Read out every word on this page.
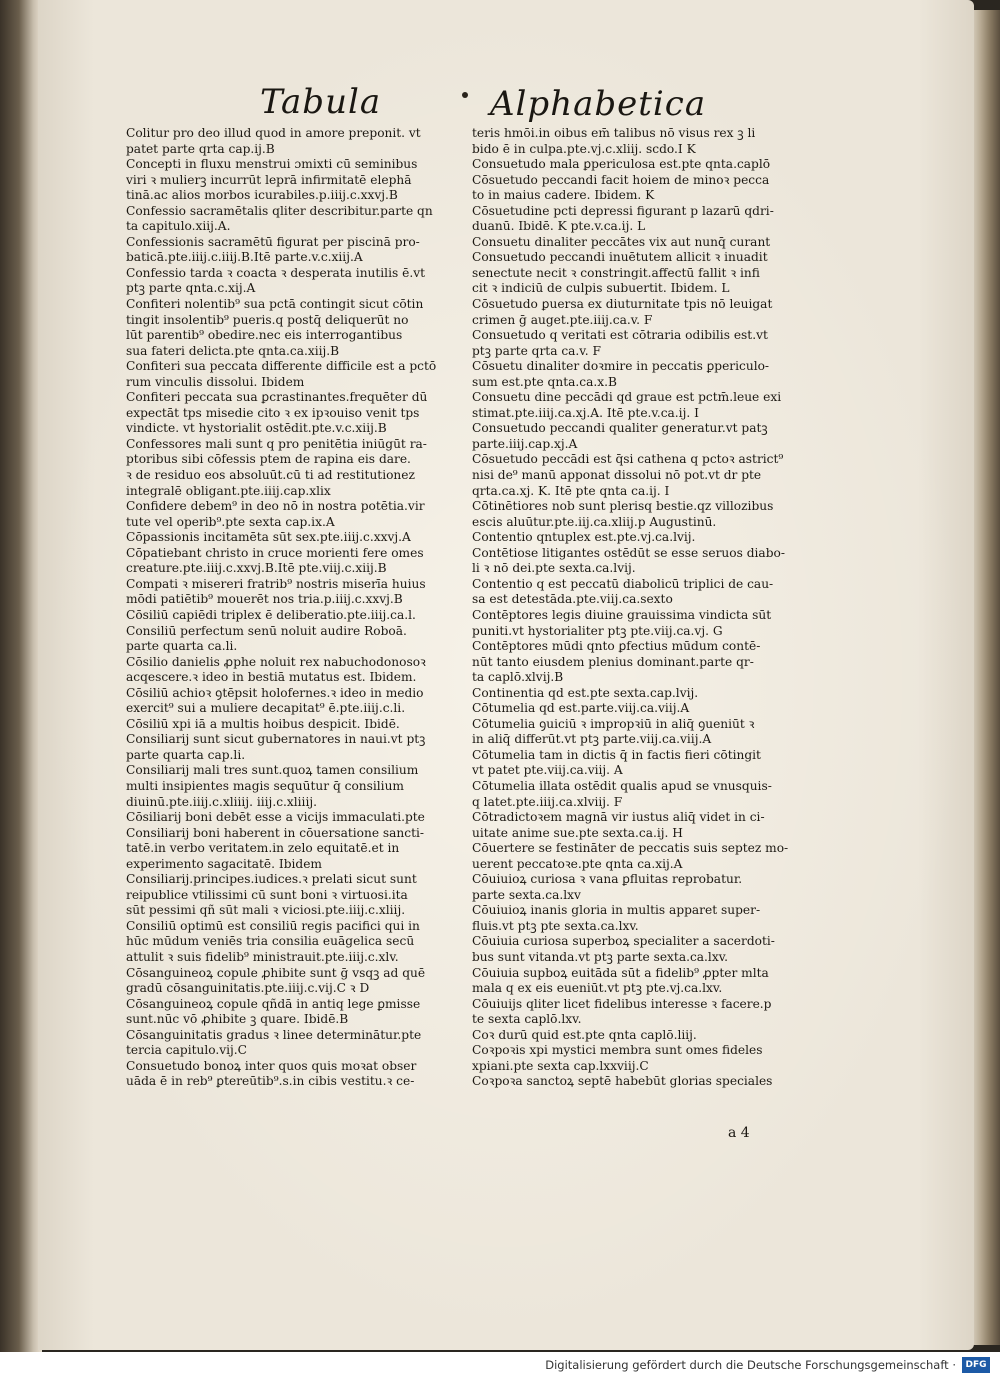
Tabula	Alphabetica
Colitur pro deo illud quod in amore preponit. vt
patet parte qrta cap.ij.B
Concepti in fluxu menstrui ɔmixti cū seminibus
viri ꝛ mulierꝫ incurrūt leprā infirmitatē elephā
tinā.ac alios morbos icurabiles.p.iiij.c.xxvj.B
Confessio sacramētalis qliter describitur.parte qn
ta capitulo.xiij.A.
Confessionis sacramētū figurat per piscinā pro-
baticā.pte.iiij.c.iiij.B.Itē parte.v.c.xiij.A
Confessio tarda ꝛ coacta ꝛ desperata inutilis ē.vt
ptꝫ parte qnta.c.xij.A
Confiteri nolentib⁹ sua pctā contingit sicut cōtin
tingit insolentib⁹ pueris.q postq̄ deliquerūt no
lūt parentib⁹ obedire.nec eis interrogantibus
sua fateri delicta.pte qnta.ca.xiij.B
Confiteri sua peccata differente difficile est a pctō
rum vinculis dissolui. Ibidem
Confiteri peccata sua ꝑcrastinantes.frequēter dū
expectāt tps misedie cito ꝛ ex ipꝛouiso venit tps
vindicte. vt hystorialit ostēdit.pte.v.c.xiij.B
Confessores mali sunt q pro penitētia iniūgūt ra-
ptoribus sibi cōfessis ptem de rapina eis dare.
ꝛ de residuo eos absoluūt.cū ti ad restitutionez
integralē obligant.pte.iiij.cap.xlix
Confidere debem⁹ in deo nō in nostra potētia.vir
tute vel operib⁹.pte sexta cap.ix.A
Cōpassionis incitamēta sūt sex.pte.iiij.c.xxvj.A
Cōpatiebant christo in cruce morienti fere omes
creature.pte.iiij.c.xxvj.B.Itē pte.viij.c.xiij.B
Compati ꝛ misereri fratrib⁹ nostris miserīa huius
mōdi patiētib⁹ mouerēt nos tria.p.iiij.c.xxvj.B
Cōsiliū capiēdi triplex ē deliberatio.pte.iiij.ca.l.
Consiliū perfectum senū noluit audire Roboā.
parte quarta ca.li.
Cōsilio danielis ꝓphe noluit rex nabuchodonosoꝛ
acqescere.ꝛ ideo in bestiā mutatus est. Ibidem.
Cōsiliū achioꝛ ꝯtēpsit holofernes.ꝛ ideo in medio
exercit⁹ sui a muliere decapitat⁹ ē.pte.iiij.c.li.
Cōsiliū xpi iā a multis hoibus despicit. Ibidē.
Consiliarij sunt sicut gubernatores in naui.vt ptꝫ
parte quarta cap.li.
Consiliarij mali tres sunt.quoꝝ tamen consilium
multi insipientes magis sequūtur q̄ consilium
diuinū.pte.iiij.c.xliiij. iiij.c.xliiij.
Cōsiliarij boni debēt esse a vicijs immaculati.pte
Consiliarij boni haberent in cōuersatione sancti-
tatē.in verbo veritatem.in zelo equitatē.et in
experimento sagacitatē. Ibidem
Consiliarij.principes.iudices.ꝛ prelati sicut sunt
reipublice vtilissimi cū sunt boni ꝛ virtuosi.ita
sūt pessimi qñ sūt mali ꝛ viciosi.pte.iiij.c.xliij.
Consiliū optimū est consiliū regis pacifici qui in
hūc mūdum veniēs tria consilia euāgelica secū
attulit ꝛ suis fidelib⁹ ministrauit.pte.iiij.c.xlv.
Cōsanguineoꝝ copule ꝓhibite sunt ḡ vsqꝫ ad quē
gradū cōsanguinitatis.pte.iiij.c.vij.C ꝛ D
Cōsanguineoꝝ copule qñdā in antiq lege ꝑmisse
sunt.nūc vō ꝓhibite ꝫ quare. Ibidē.B
Cōsanguinitatis gradus ꝛ linee determinātur.pte
tercia capitulo.vij.C
Consuetudo bonoꝝ inter quos quis moꝛat obser
uāda ē in reb⁹ ꝑtereūtib⁹.s.in cibis vestitu.ꝛ ce-
teris hmōi.in oibus em̄ talibus nō visus rex ꝫ li
bido ē in culpa.pte.vj.c.xliij. scdo.I K
Consuetudo mala ꝑpericulosa est.pte qnta.caplō
Cōsuetudo peccandi facit hoiem de minoꝛ pecca
to in maius cadere. Ibidem. K
Cōsuetudine pcti depressi figurant p lazarū qdri-
duanū. Ibidē. K pte.v.ca.ij. L
Consuetu dinaliter peccātes vix aut nunq̄ curant
Consuetudo peccandi inuētutem allicit ꝛ inuadit
senectute necit ꝛ constringit.affectū fallit ꝛ infi
cit ꝛ indiciū de culpis subuertit. Ibidem. L
Cōsuetudo ꝑuersa ex diuturnitate tpis nō leuigat
crimen ḡ auget.pte.iiij.ca.v. F
Consuetudo q veritati est cōtraria odibilis est.vt
ptꝫ parte qrta ca.v. F
Cōsuetu dinaliter doꝛmire in peccatis ꝑpericulo-
sum est.pte qnta.ca.x.B
Consuetu dine peccādi qd graue est pctm̄.leue exi
stimat.pte.iiij.ca.xj.A. Itē pte.v.ca.ij. I
Consuetudo peccandi qualiter generatur.vt patꝫ
parte.iiij.cap.xj.A
Cōsuetudo peccādi est q̄si cathena q pctoꝛ astrict⁹
nisi de⁹ manū apponat dissolui nō pot.vt dr pte
qrta.ca.xj. K. Itē pte qnta ca.ij. I
Cōtinētiores nob sunt plerisq bestie.qz villozibus
escis aluūtur.pte.iij.ca.xliij.p Augustinū.
Contentio qntuplex est.pte.vj.ca.lvij.
Contētiose litigantes ostēdūt se esse seruos diabo-
li ꝛ nō dei.pte sexta.ca.lvij.
Contentio q est peccatū diabolicū triplici de cau-
sa est detestāda.pte.viij.ca.sexto
Contēptores legis diuine grauissima vindicta sūt
puniti.vt hystorialiter ptꝫ pte.viij.ca.vj. G
Contēptores mūdi qnto ꝑfectius mūdum contē-
nūt tanto eiusdem plenius dominant.parte qr-
ta caplō.xlvij.B
Continentia qd est.pte sexta.cap.lvij.
Cōtumelia qd est.parte.viij.ca.viij.A
Cōtumelia ꝯuiciū ꝛ impropꝛiū in aliq̄ ꝯueniūt ꝛ
in aliq̄ differūt.vt ptꝫ parte.viij.ca.viij.A
Cōtumelia tam in dictis q̄ in factis fieri cōtingit
vt patet pte.viij.ca.viij. A
Cōtumelia illata ostēdit qualis apud se vnusquis-
q latet.pte.iiij.ca.xlviij. F
Cōtradictoꝛem magnā vir iustus aliq̄ videt in ci-
uitate anime sue.pte sexta.ca.ij. H
Cōuertere se festināter de peccatis suis septez mo-
uerent peccatoꝛe.pte qnta ca.xij.A
Cōuiuioꝝ curiosa ꝛ vana ꝑfluitas reprobatur.
parte sexta.ca.lxv
Cōuiuioꝝ inanis gloria in multis apparet super-
fluis.vt ptꝫ pte sexta.ca.lxv.
Cōuiuia curiosa superboꝝ specialiter a sacerdoti-
bus sunt vitanda.vt ptꝫ parte sexta.ca.lxv.
Cōuiuia supboꝝ euitāda sūt a fidelib⁹ ꝓpter mlta
mala q ex eis eueniūt.vt ptꝫ pte.vj.ca.lxv.
Cōuiuijs qliter licet fidelibus interesse ꝛ facere.p
te sexta caplō.lxv.
Coꝛ durū quid est.pte qnta caplō.liij.
Coꝛpoꝛis xpi mystici membra sunt omes fideles
xpiani.pte sexta cap.lxxviij.C
Coꝛpoꝛa sanctoꝝ septē habebūt glorias speciales
a 4
Digitalisierung gefördert durch die Deutsche Forschungsgemeinschaft ·	DFG
